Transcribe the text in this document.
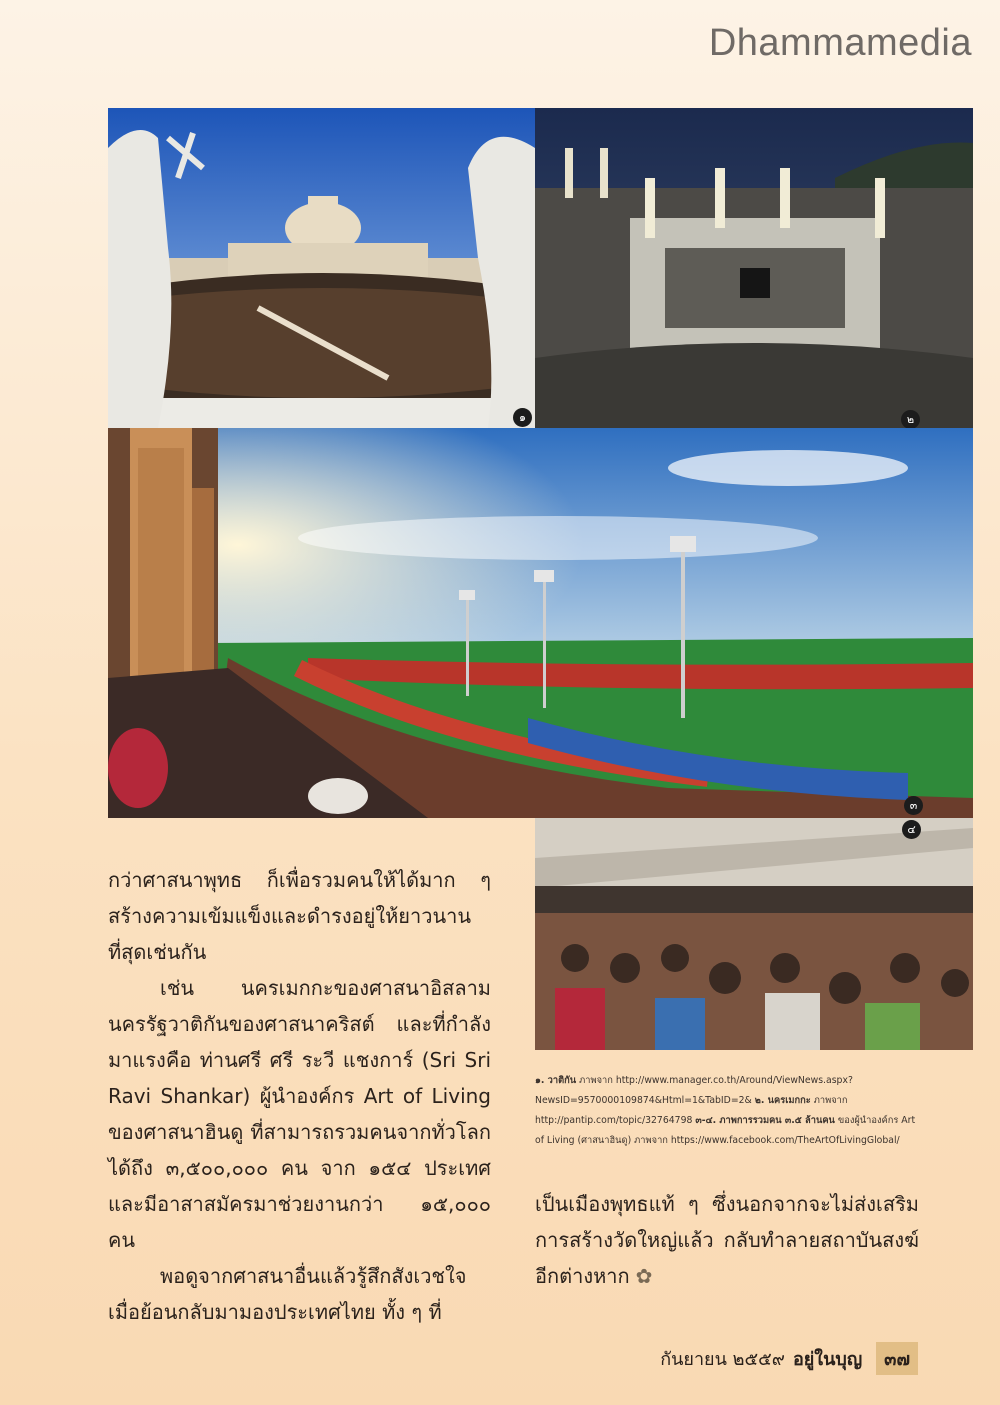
Dhammamedia
๑	๒
๓
๔

กว่าศาสนาพุทธ ก็เพื่อรวมคนให้ได้มาก ๆ สร้างความเข้มแข็งและดำรงอยู่ให้ยาวนานที่สุดเช่นกัน

เช่น นครเมกกะของศาสนาอิสลาม นครรัฐวาติกันของศาสนาคริสต์ และที่กำลังมาแรงคือ ท่านศรี ศรี ระวี แชงการ์ (Sri Sri Ravi Shankar) ผู้นำองค์กร Art of Living ของศาสนาฮินดู ที่สามารถรวมคนจากทั่วโลกได้ถึง ๓,๕๐๐,๐๐๐ คน จาก ๑๕๔ ประเทศ และมีอาสาสมัครมาช่วยงานกว่า ๑๕,๐๐๐ คน

พอดูจากศาสนาอื่นแล้วรู้สึกสังเวชใจ เมื่อย้อนกลับมามองประเทศไทย ทั้ง ๆ ที่

๑. วาติกัน ภาพจาก http://www.manager.co.th/Around/ViewNews.aspx?NewsID=9570000109874&Html=1&TabID=2& ๒. นครเมกกะ ภาพจาก http://pantip.com/topic/32764798 ๓-๔. ภาพการรวมคน ๓.๕ ล้านคน ของผู้นำองค์กร Art of Living (ศาสนาฮินดู) ภาพจาก https://www.facebook.com/TheArtOfLivingGlobal/

เป็นเมืองพุทธแท้ ๆ ซึ่งนอกจากจะไม่ส่งเสริมการสร้างวัดใหญ่แล้ว กลับทำลายสถาบันสงฆ์อีกต่างหาก ✿

กันยายน ๒๕๕๙ อยู่ในบุญ	๓๗
